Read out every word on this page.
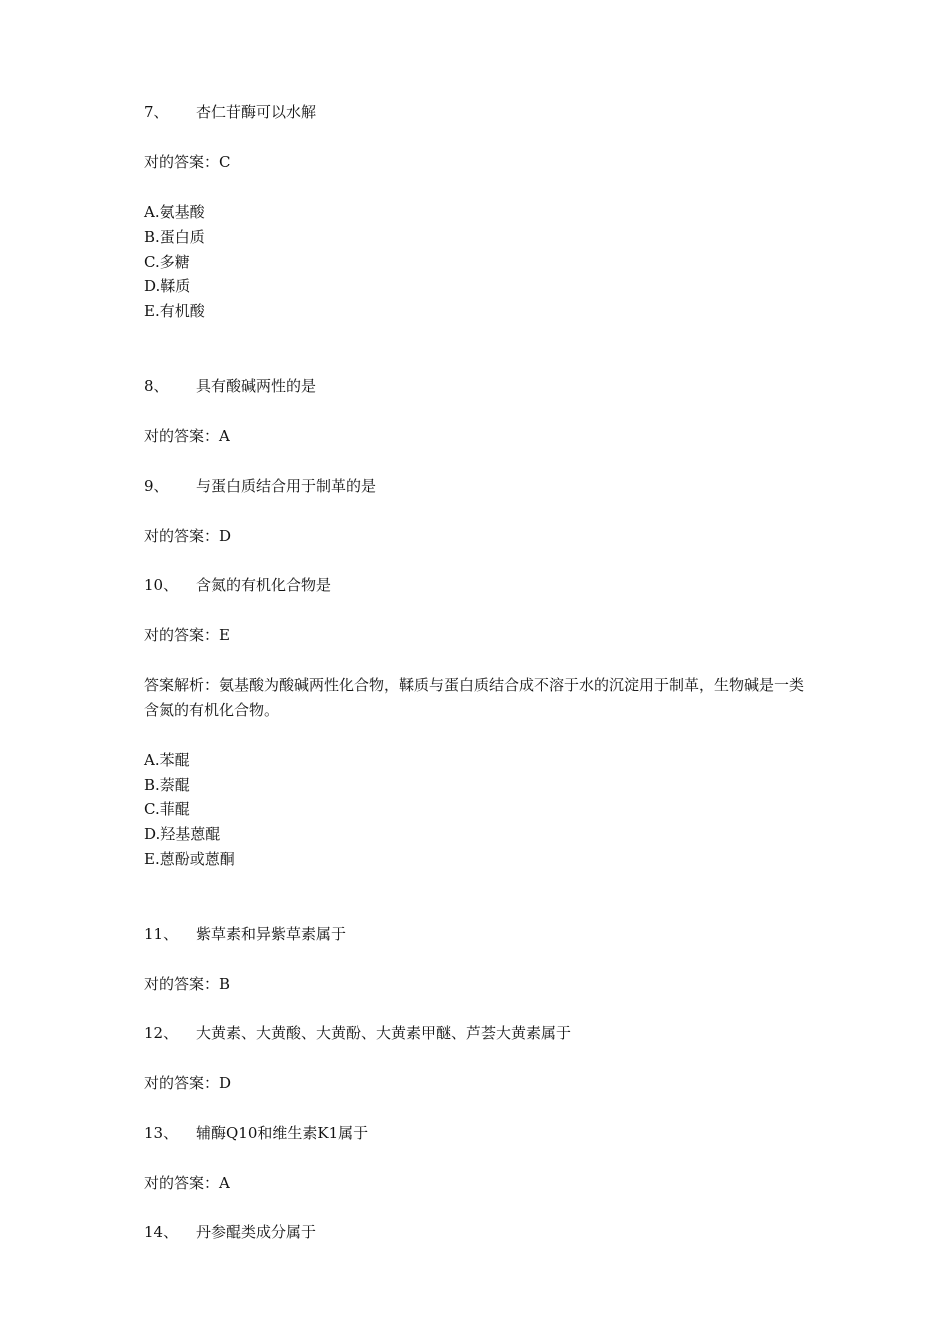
7、 杏仁苷酶可以水解
对的答案：C
A.氨基酸
B.蛋白质
C.多糖
D.鞣质
E.有机酸
8、 具有酸碱两性的是
对的答案：A
9、 与蛋白质结合用于制革的是
对的答案：D
10、 含氮的有机化合物是
对的答案：E
答案解析：氨基酸为酸碱两性化合物，鞣质与蛋白质结合成不溶于水的沉淀用于制革，生物碱是一类含氮的有机化合物。
A.苯醌
B.萘醌
C.菲醌
D.羟基蒽醌
E.蒽酚或蒽酮
11、 紫草素和异紫草素属于
对的答案：B
12、 大黄素、大黄酸、大黄酚、大黄素甲醚、芦荟大黄素属于
对的答案：D
13、 辅酶Q10和维生素K1属于
对的答案：A
14、 丹参醌类成分属于
